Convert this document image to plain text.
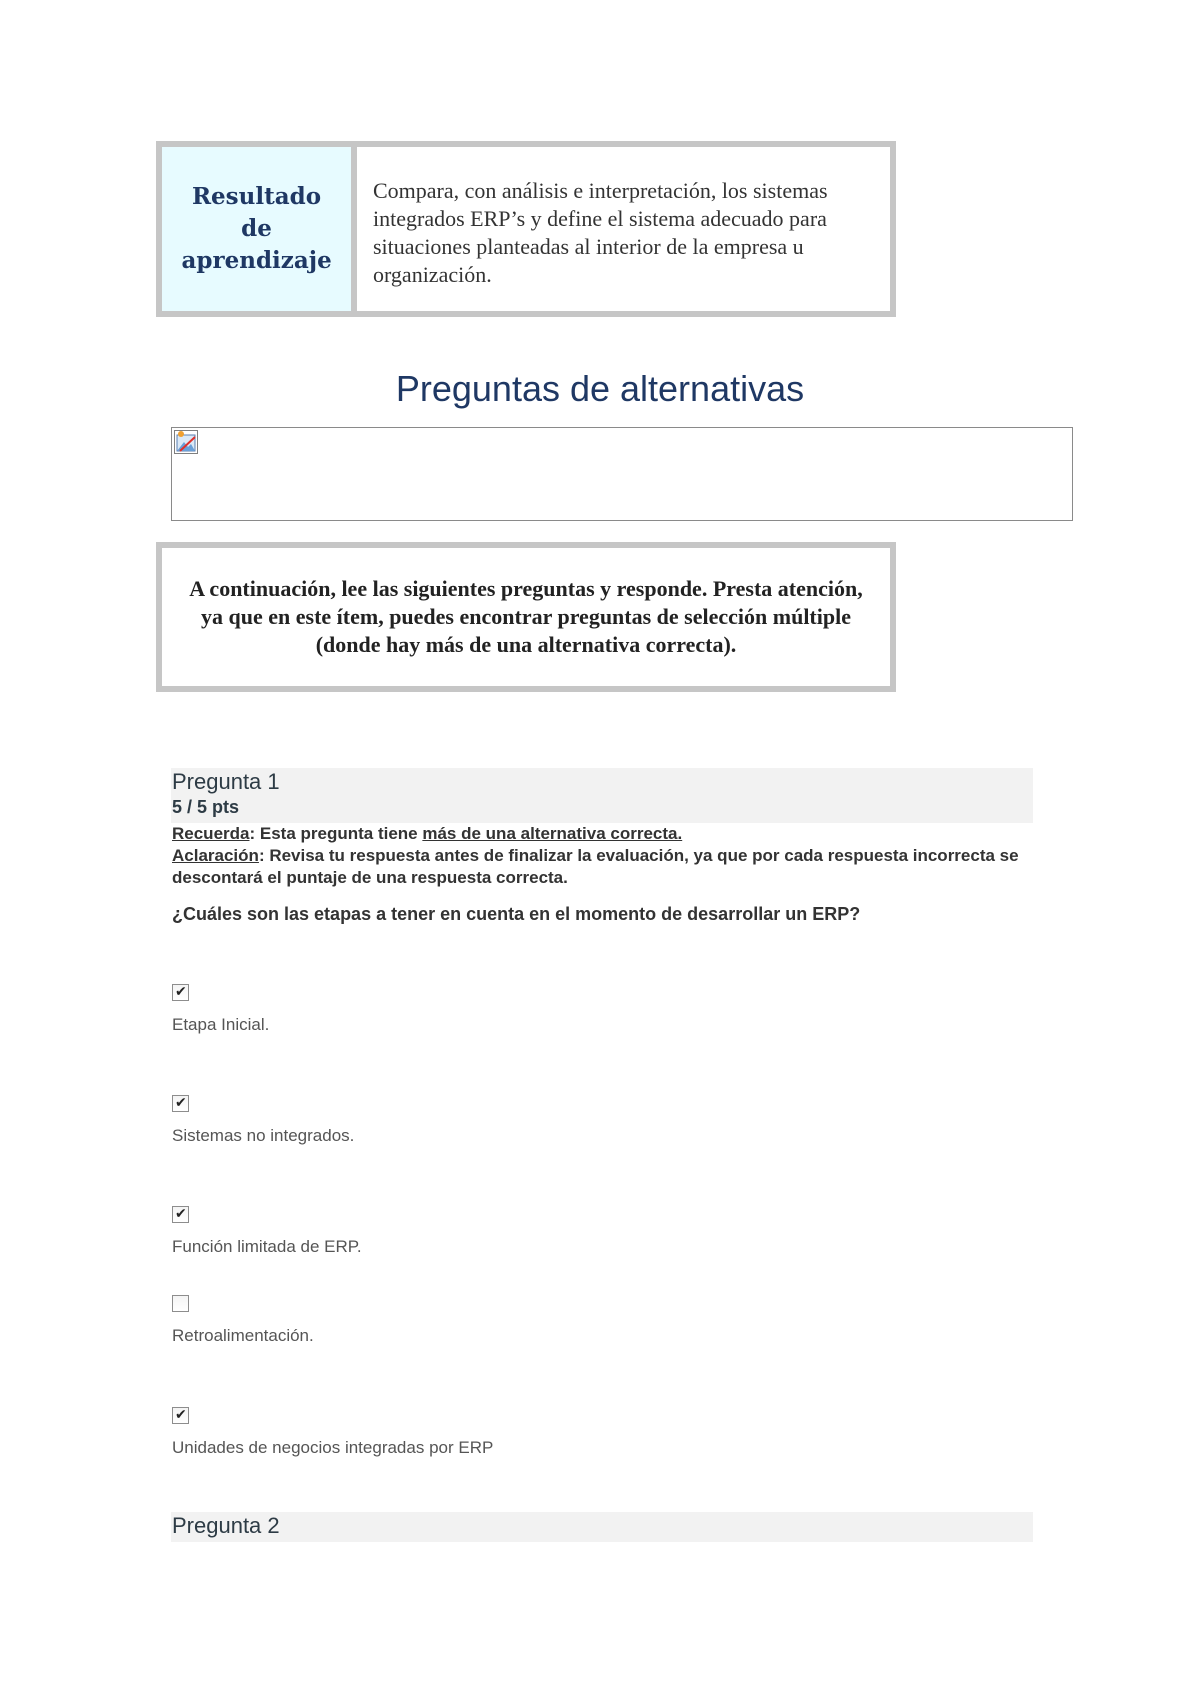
Resultado de aprendizaje

Compara, con análisis e interpretación, los sistemas integrados ERP’s y define el sistema adecuado para situaciones planteadas al interior de la empresa u organización.

Preguntas de alternativas

A continuación, lee las siguientes preguntas y responde. Presta atención, ya que en este ítem, puedes encontrar preguntas de selección múltiple (donde hay más de una alternativa correcta).

Pregunta 1
5 / 5 pts
Recuerda: Esta pregunta tiene más de una alternativa correcta.
Aclaración: Revisa tu respuesta antes de finalizar la evaluación, ya que por cada respuesta incorrecta se descontará el puntaje de una respuesta correcta.
¿Cuáles son las etapas a tener en cuenta en el momento de desarrollar un ERP?
✔
Etapa Inicial.
✔
Sistemas no integrados.
✔
Función limitada de ERP.
Retroalimentación.
✔
Unidades de negocios integradas por ERP
Pregunta 2
